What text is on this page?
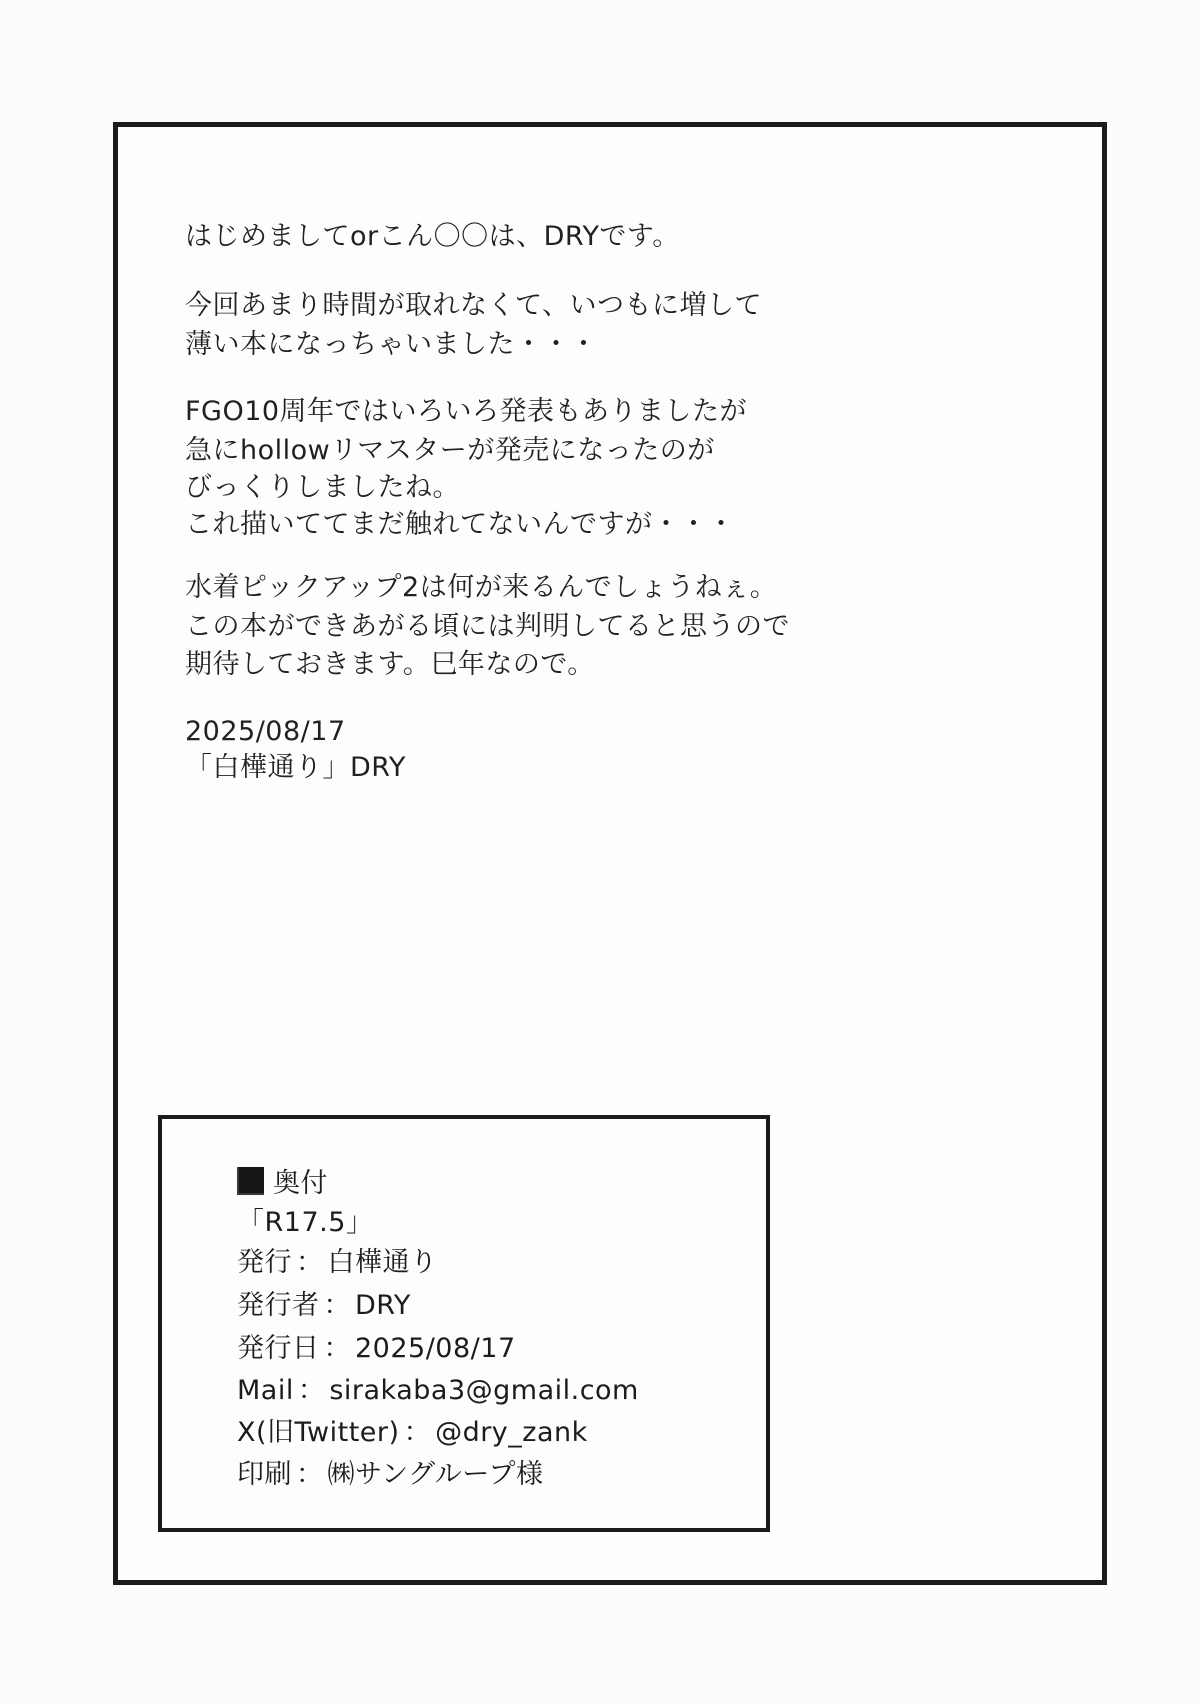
はじめましてorこん〇〇は、DRYです。
今回あまり時間が取れなくて、いつもに増して
薄い本になっちゃいました・・・
FGO10周年ではいろいろ発表もありましたが
急にhollowリマスターが発売になったのが
びっくりしましたね。
これ描いててまだ触れてないんですが・・・
水着ピックアップ2は何が来るんでしょうねぇ。
この本ができあがる頃には判明してると思うので
期待しておきます。巳年なので。
2025/08/17
「白樺通り」DRY
奥付
「R17.5」
発行 ： 白樺通り
発行者 ： DRY
発行日 ： 2025/08/17
Mail ： sirakaba3@gmail.com
X(旧Twitter) ： @dry_zank
印刷 ： ㈱サングループ様
